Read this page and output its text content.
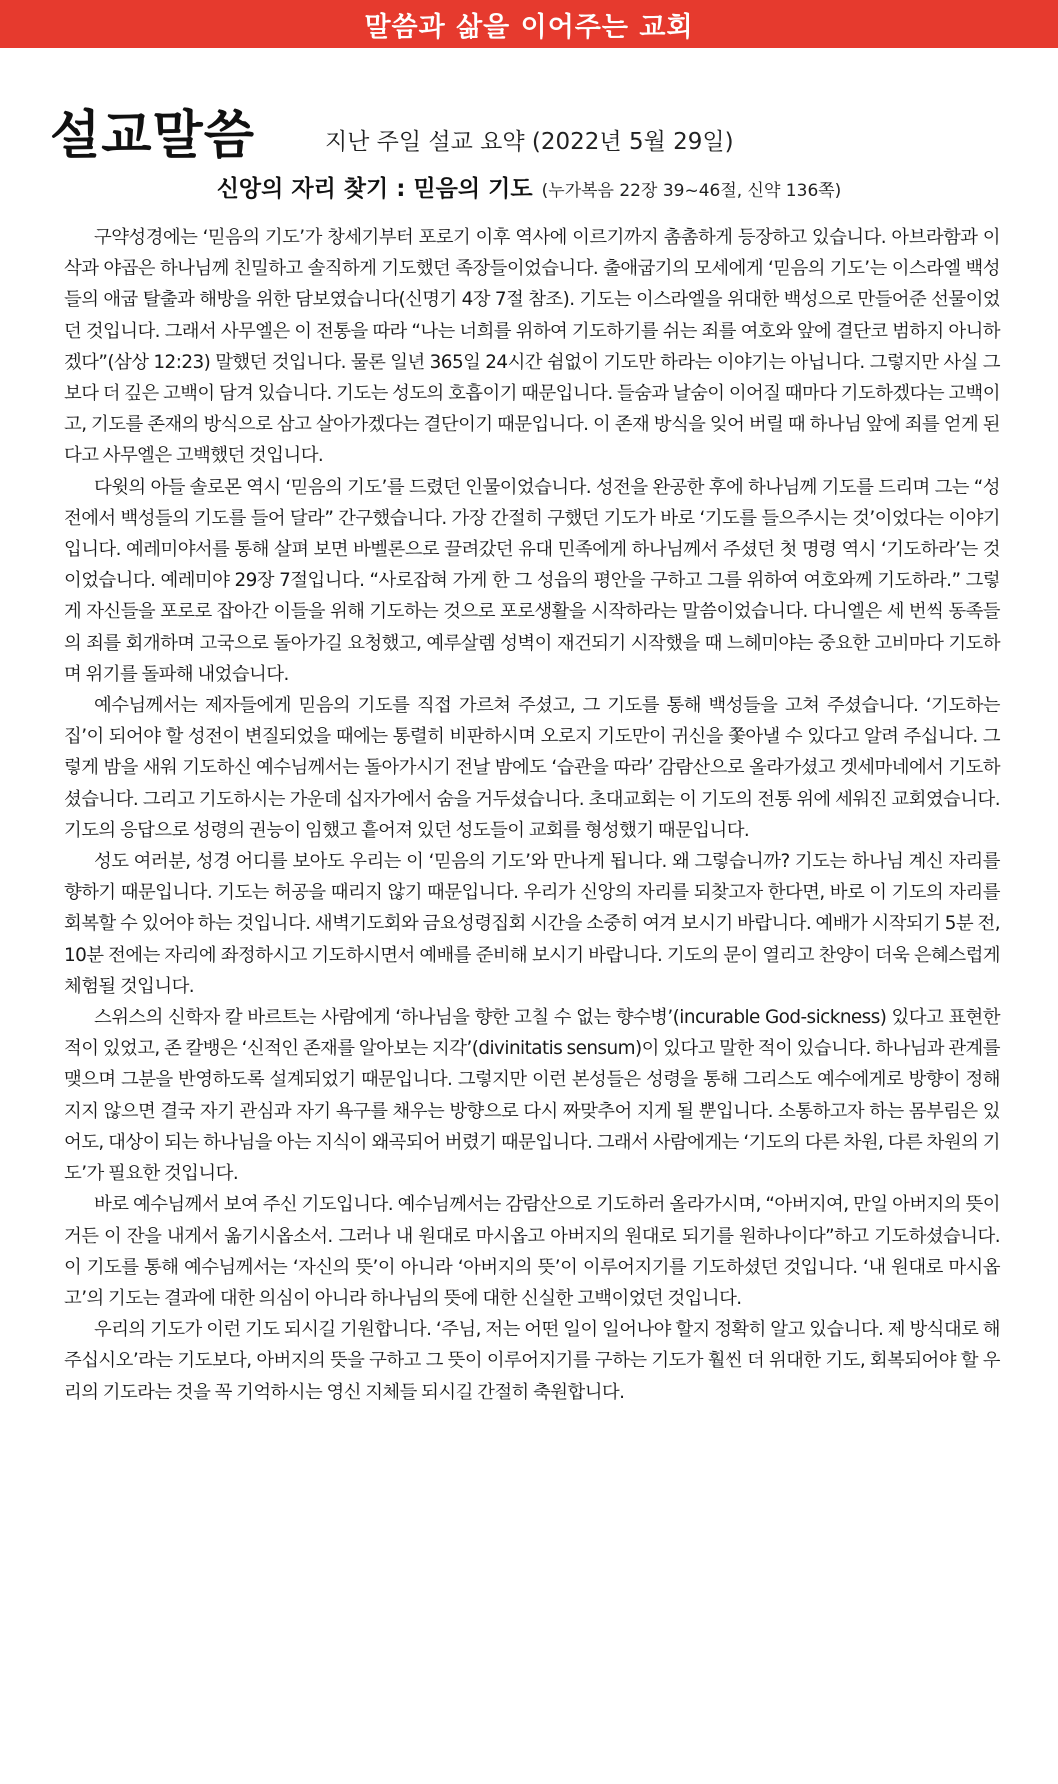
말씀과 삶을 이어주는 교회
설교말씀	지난 주일 설교 요약 (2022년 5월 29일)
신앙의 자리 찾기 : 믿음의 기도 (누가복음 22장 39~46절, 신약 136쪽)

구약성경에는 ‘믿음의 기도’가 창세기부터 포로기 이후 역사에 이르기까지 촘촘하게 등장하고 있습니다. 아브라함과 이삭과 야곱은 하나님께 친밀하고 솔직하게 기도했던 족장들이었습니다. 출애굽기의 모세에게 ‘믿음의 기도’는 이스라엘 백성들의 애굽 탈출과 해방을 위한 담보였습니다(신명기 4장 7절 참조). 기도는 이스라엘을 위대한 백성으로 만들어준 선물이었던 것입니다. 그래서 사무엘은 이 전통을 따라 “나는 너희를 위하여 기도하기를 쉬는 죄를 여호와 앞에 결단코 범하지 아니하겠다”(삼상 12:23) 말했던 것입니다. 물론 일년 365일 24시간 쉼없이 기도만 하라는 이야기는 아닙니다. 그렇지만 사실 그 보다 더 깊은 고백이 담겨 있습니다. 기도는 성도의 호흡이기 때문입니다. 들숨과 날숨이 이어질 때마다 기도하겠다는 고백이고, 기도를 존재의 방식으로 삼고 살아가겠다는 결단이기 때문입니다. 이 존재 방식을 잊어 버릴 때 하나님 앞에 죄를 얻게 된다고 사무엘은 고백했던 것입니다.

다윗의 아들 솔로몬 역시 ‘믿음의 기도’를 드렸던 인물이었습니다. 성전을 완공한 후에 하나님께 기도를 드리며 그는 “성전에서 백성들의 기도를 들어 달라” 간구했습니다. 가장 간절히 구했던 기도가 바로 ‘기도를 들으주시는 것’이었다는 이야기입니다. 예레미야서를 통해 살펴 보면 바벨론으로 끌려갔던 유대 민족에게 하나님께서 주셨던 첫 명령 역시 ‘기도하라’는 것이었습니다. 예레미야 29장 7절입니다. “사로잡혀 가게 한 그 성읍의 평안을 구하고 그를 위하여 여호와께 기도하라.” 그렇게 자신들을 포로로 잡아간 이들을 위해 기도하는 것으로 포로생활을 시작하라는 말씀이었습니다. 다니엘은 세 번씩 동족들의 죄를 회개하며 고국으로 돌아가길 요청했고, 예루살렘 성벽이 재건되기 시작했을 때 느헤미야는 중요한 고비마다 기도하며 위기를 돌파해 내었습니다.

예수님께서는 제자들에게 믿음의 기도를 직접 가르쳐 주셨고, 그 기도를 통해 백성들을 고쳐 주셨습니다. ‘기도하는 집’이 되어야 할 성전이 변질되었을 때에는 통렬히 비판하시며 오로지 기도만이 귀신을 쫓아낼 수 있다고 알려 주십니다. 그렇게 밤을 새워 기도하신 예수님께서는 돌아가시기 전날 밤에도 ‘습관을 따라’ 감람산으로 올라가셨고 겟세마네에서 기도하셨습니다. 그리고 기도하시는 가운데 십자가에서 숨을 거두셨습니다. 초대교회는 이 기도의 전통 위에 세워진 교회였습니다. 기도의 응답으로 성령의 권능이 임했고 흩어져 있던 성도들이 교회를 형성했기 때문입니다.

성도 여러분, 성경 어디를 보아도 우리는 이 ‘믿음의 기도’와 만나게 됩니다. 왜 그렇습니까? 기도는 하나님 계신 자리를 향하기 때문입니다. 기도는 허공을 때리지 않기 때문입니다. 우리가 신앙의 자리를 되찾고자 한다면, 바로 이 기도의 자리를 회복할 수 있어야 하는 것입니다. 새벽기도회와 금요성령집회 시간을 소중히 여겨 보시기 바랍니다. 예배가 시작되기 5분 전, 10분 전에는 자리에 좌정하시고 기도하시면서 예배를 준비해 보시기 바랍니다. 기도의 문이 열리고 찬양이 더욱 은혜스럽게 체험될 것입니다.

스위스의 신학자 칼 바르트는 사람에게 ‘하나님을 향한 고칠 수 없는 향수병’(incurable God-sickness) 있다고 표현한 적이 있었고, 존 칼뱅은 ‘신적인 존재를 알아보는 지각’(divinitatis sensum)이 있다고 말한 적이 있습니다. 하나님과 관계를 맺으며 그분을 반영하도록 설계되었기 때문입니다. 그렇지만 이런 본성들은 성령을 통해 그리스도 예수에게로 방향이 정해지지 않으면 결국 자기 관심과 자기 욕구를 채우는 방향으로 다시 짜맞추어 지게 될 뿐입니다. 소통하고자 하는 몸부림은 있어도, 대상이 되는 하나님을 아는 지식이 왜곡되어 버렸기 때문입니다. 그래서 사람에게는 ‘기도의 다른 차원, 다른 차원의 기도’가 필요한 것입니다.

바로 예수님께서 보여 주신 기도입니다. 예수님께서는 감람산으로 기도하러 올라가시며, “아버지여, 만일 아버지의 뜻이거든 이 잔을 내게서 옮기시옵소서. 그러나 내 원대로 마시옵고 아버지의 원대로 되기를 원하나이다”하고 기도하셨습니다. 이 기도를 통해 예수님께서는 ‘자신의 뜻’이 아니라 ‘아버지의 뜻’이 이루어지기를 기도하셨던 것입니다. ‘내 원대로 마시옵고’의 기도는 결과에 대한 의심이 아니라 하나님의 뜻에 대한 신실한 고백이었던 것입니다.

우리의 기도가 이런 기도 되시길 기원합니다. ‘주님, 저는 어떤 일이 일어나야 할지 정확히 알고 있습니다. 제 방식대로 해 주십시오’라는 기도보다, 아버지의 뜻을 구하고 그 뜻이 이루어지기를 구하는 기도가 훨씬 더 위대한 기도, 회복되어야 할 우리의 기도라는 것을 꼭 기억하시는 영신 지체들 되시길 간절히 축원합니다.
